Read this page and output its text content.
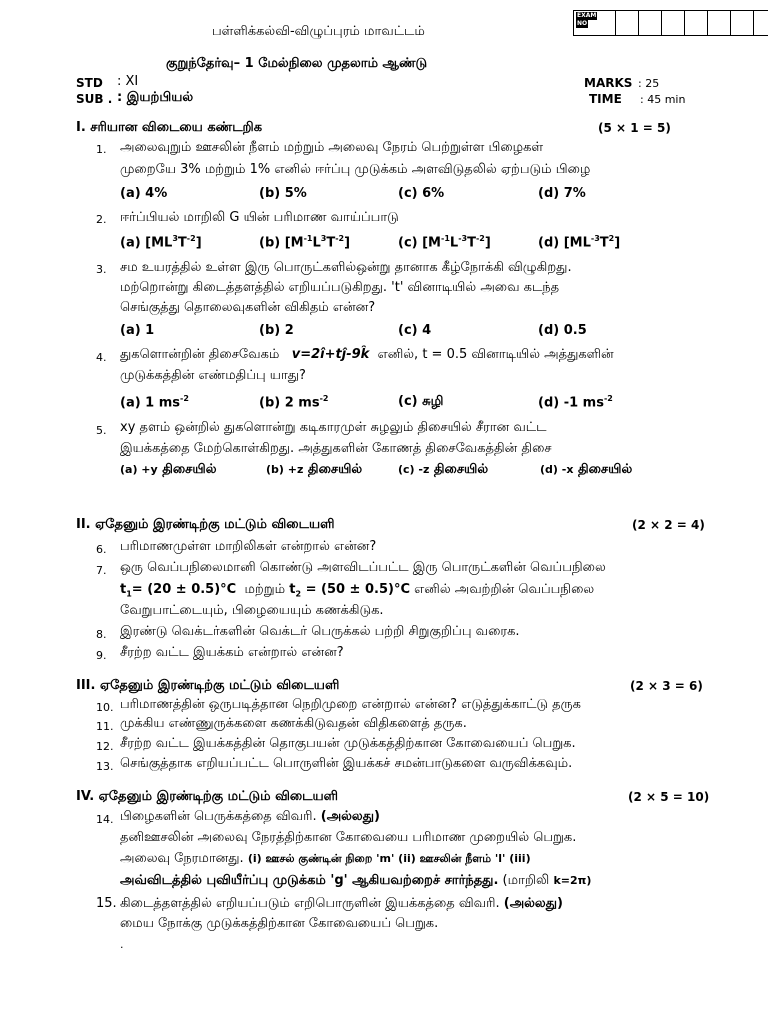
பள்ளிக்கல்வி-விழுப்புரம் மாவட்டம்
EXAM
NO
குறுந்தேர்வு– 1 மேல்நிலை முதலாம் ஆண்டு
STD : XI	MARKS : 25
SUB . : இயற்பியல்	TIME : 45 min
I. சரியான விடையை கண்டறிக	(5 × 1 = 5)
1. அலைவுறும் ஊசலின் நீளம் மற்றும் அலைவு நேரம் பெற்றுள்ள பிழைகள்
முறையே 3% மற்றும் 1% எனில் ஈர்ப்பு முடுக்கம் அளவிடுதலில் ஏற்படும் பிழை
(a) 4%	(b) 5%	(c) 6%	(d) 7%
2. ஈர்ப்பியல் மாறிலி G யின் பரிமாண வாய்ப்பாடு
(a) $[ML^3T^{-2}]$	(b) $[M^{-1}L^3T^{-2}]$	(c) $[M^{-1}L^{-3}T^{-2}]$	(d) $[ML^{-3}T^2]$
3. சம உயரத்தில் உள்ள இரு பொருட்களில்ஒன்று தானாக கீழ்நோக்கி விழுகிறது.
மற்றொன்று கிடைத்தளத்தில் எறியப்படுகிறது. 't' வினாடியில் அவை கடந்த
செங்குத்து தொலைவுகளின் விகிதம் என்ன?
(a) 1	(b) 2	(c) 4	(d) 0.5
4. துகளொன்றின் திசைவேகம் v=2î+tĵ-9k̂ எனில், t = 0.5 வினாடியில் அத்துகளின்
முடுக்கத்தின் எண்மதிப்பு யாது?
(a) 1 $ms^{-2}$	(b) 2 $ms^{-2}$	(c) சுழி	(d) -1 $ms^{-2}$
5. xy தளம் ஒன்றில் துகளொன்று கடிகாரமுள் சுழலும் திசையில் சீரான வட்ட
இயக்கத்தை மேற்கொள்கிறது. அத்துகளின் கோணத் திசைவேகத்தின் திசை
(a) +y திசையில்	(b) +z திசையில்	(c) -z திசையில்	(d) -x திசையில்
II. ஏதேனும் இரண்டிற்கு மட்டும் விடையளி	(2 × 2 = 4)
6. பரிமாணமுள்ள மாறிலிகள் என்றால் என்ன?
7. ஒரு வெப்பநிலைமானி கொண்டு அளவிடப்பட்ட இரு பொருட்களின் வெப்பநிலை
$t_1= (20 \pm 0.5)^\circ C$ மற்றும் $t_2 = (50 \pm 0.5)^\circ C$ எனில் அவற்றின் வெப்பநிலை
வேறுபாட்டையும், பிழையையும் கணக்கிடுக.
8. இரண்டு வெக்டர்களின் வெக்டர் பெருக்கல் பற்றி சிறுகுறிப்பு வரைக.
9. சீரற்ற வட்ட இயக்கம் என்றால் என்ன?
III. ஏதேனும் இரண்டிற்கு மட்டும் விடையளி	(2 × 3 = 6)
10. பரிமாணத்தின் ஒருபடித்தான நெறிமுறை என்றால் என்ன? எடுத்துக்காட்டு தருக
11. முக்கிய எண்ணுருக்களை கணக்கிடுவதன் விதிகளைத் தருக.
12. சீரற்ற வட்ட இயக்கத்தின் தொகுபயன் முடுக்கத்திற்கான கோவையைப் பெறுக.
13. செங்குத்தாக எறியப்பட்ட பொருளின் இயக்கச் சமன்பாடுகளை வருவிக்கவும்.
IV. ஏதேனும் இரண்டிற்கு மட்டும் விடையளி	(2 × 5 = 10)
14. பிழைகளின் பெருக்கத்தை விவரி. (அல்லது)
தனிஊசலின் அலைவு நேரத்திற்கான கோவையை பரிமாண முறையில் பெறுக.
அலைவு நேரமானது. (i) ஊசல் குண்டின் நிறை 'm' (ii) ஊசலின் நீளம் 'l' (iii)
அவ்விடத்தில் புவியீர்ப்பு முடுக்கம் 'g' ஆகியவற்றைச் சார்ந்தது. (மாறிலி k=2π)
15. கிடைத்தளத்தில் எறியப்படும் எறிபொருளின் இயக்கத்தை விவரி. (அல்லது)
மைய நோக்கு முடுக்கத்திற்கான கோவையைப் பெறுக.
.
